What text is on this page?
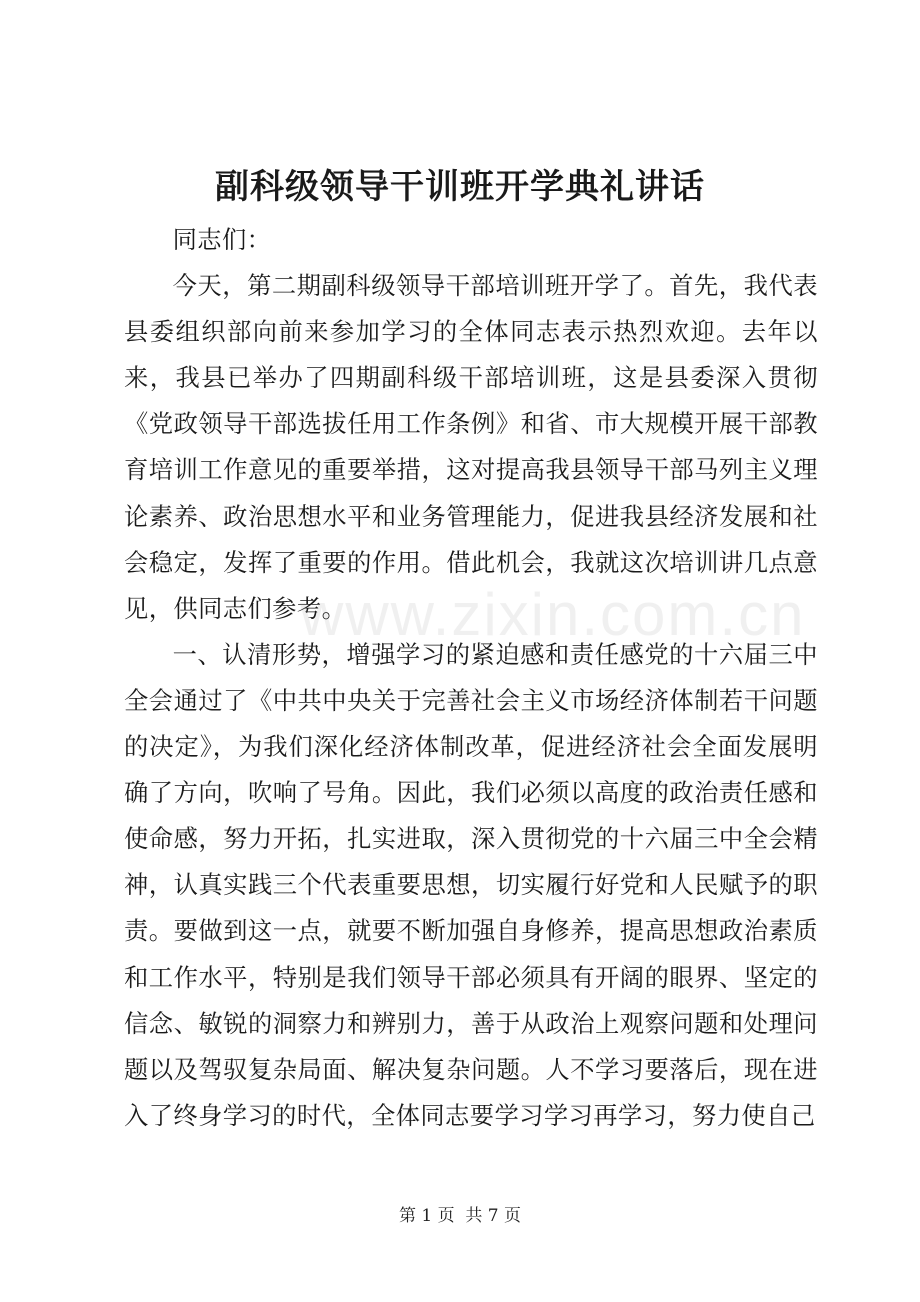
副科级领导干训班开学典礼讲话

同志们：

今天，第二期副科级领导干部培训班开学了。首先，我代表县委组织部向前来参加学习的全体同志表示热烈欢迎。去年以来，我县已举办了四期副科级干部培训班，这是县委深入贯彻《党政领导干部选拔任用工作条例》和省、市大规模开展干部教育培训工作意见的重要举措，这对提高我县领导干部马列主义理论素养、政治思想水平和业务管理能力，促进我县经济发展和社会稳定，发挥了重要的作用。借此机会，我就这次培训讲几点意见，供同志们参考。

一、认清形势，增强学习的紧迫感和责任感党的十六届三中全会通过了《中共中央关于完善社会主义市场经济体制若干问题的决定》，为我们深化经济体制改革，促进经济社会全面发展明确了方向，吹响了号角。因此，我们必须以高度的政治责任感和使命感，努力开拓，扎实进取，深入贯彻党的十六届三中全会精神，认真实践三个代表重要思想，切实履行好党和人民赋予的职责。要做到这一点，就要不断加强自身修养，提高思想政治素质和工作水平，特别是我们领导干部必须具有开阔的眼界、坚定的信念、敏锐的洞察力和辨别力，善于从政治上观察问题和处理问题以及驾驭复杂局面、解决复杂问题。人不学习要落后，现在进入了终身学习的时代，全体同志要学习学习再学习，努力使自己

www.zixin.com.cn
第 1 页  共 7 页
